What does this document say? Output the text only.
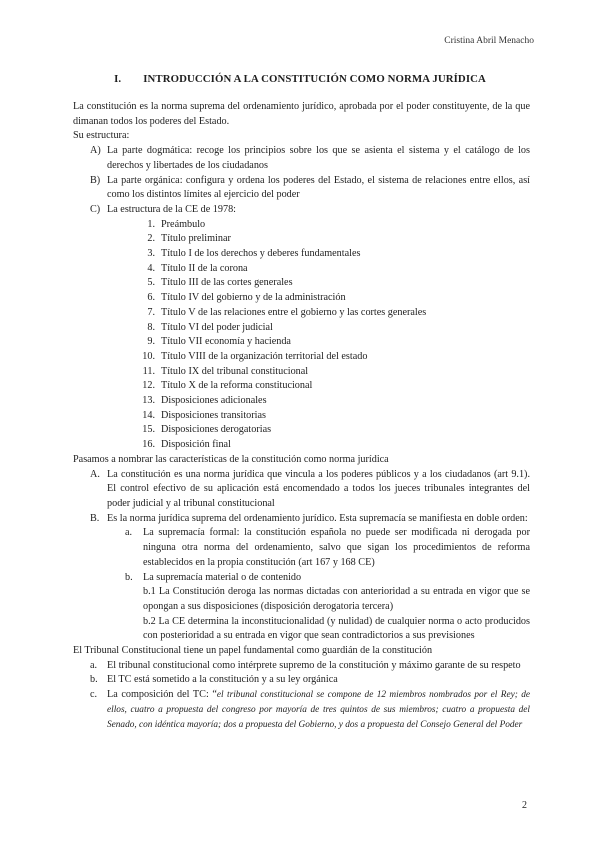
Cristina Abril Menacho
I. INTRODUCCIÓN A LA CONSTITUCIÓN COMO NORMA JURÍDICA

La constitución es la norma suprema del ordenamiento jurídico, aprobada por el poder constituyente, de la que dimanan todos los poderes del Estado.

Su estructura:

A) La parte dogmática: recoge los principios sobre los que se asienta el sistema y el catálogo de los derechos y libertades de los ciudadanos
B) La parte orgánica: configura y ordena los poderes del Estado, el sistema de relaciones entre ellos, así como los distintos límites al ejercicio del poder
C) La estructura de la CE de 1978:
1. Preámbulo
2. Título preliminar
3. Título I de los derechos y deberes fundamentales
4. Título II de la corona
5. Título III de las cortes generales
6. Título IV del gobierno y de la administración
7. Título V de las relaciones entre el gobierno y las cortes generales
8. Título VI del poder judicial
9. Título VII economía y hacienda
10. Título VIII de la organización territorial del estado
11. Título IX del tribunal constitucional
12. Título X de la reforma constitucional
13. Disposiciones adicionales
14. Disposiciones transitorias
15. Disposiciones derogatorias
16. Disposición final

Pasamos a nombrar las características de la constitución como norma jurídica

A. La constitución es una norma jurídica que vincula a los poderes públicos y a los ciudadanos (art 9.1). El control efectivo de su aplicación está encomendado a todos los jueces tribunales integrantes del poder judicial y al tribunal constitucional
B. Es la norma jurídica suprema del ordenamiento jurídico. Esta supremacía se manifiesta en doble orden:
a. La supremacía formal: la constitución española no puede ser modificada ni derogada por ninguna otra norma del ordenamiento, salvo que sigan los procedimientos de reforma establecidos en la propia constitución (art 167 y 168 CE)
b. La supremacía material o de contenido
b.1 La Constitución deroga las normas dictadas con anterioridad a su entrada en vigor que se opongan a sus disposiciones (disposición derogatoria tercera)
b.2 La CE determina la inconstitucionalidad (y nulidad) de cualquier norma o acto producidos con posterioridad a su entrada en vigor que sean contradictorios a sus previsiones

El Tribunal Constitucional tiene un papel fundamental como guardián de la constitución

a. El tribunal constitucional como intérprete supremo de la constitución y máximo garante de su respeto
b. El TC está sometido a la constitución y a su ley orgánica
c. La composición del TC: “el tribunal constitucional se compone de 12 miembros nombrados por el Rey; de ellos, cuatro a propuesta del congreso por mayoría de tres quintos de sus miembros; cuatro a propuesta del Senado, con idéntica mayoría; dos a propuesta del Gobierno, y dos a propuesta del Consejo General del Poder
2
